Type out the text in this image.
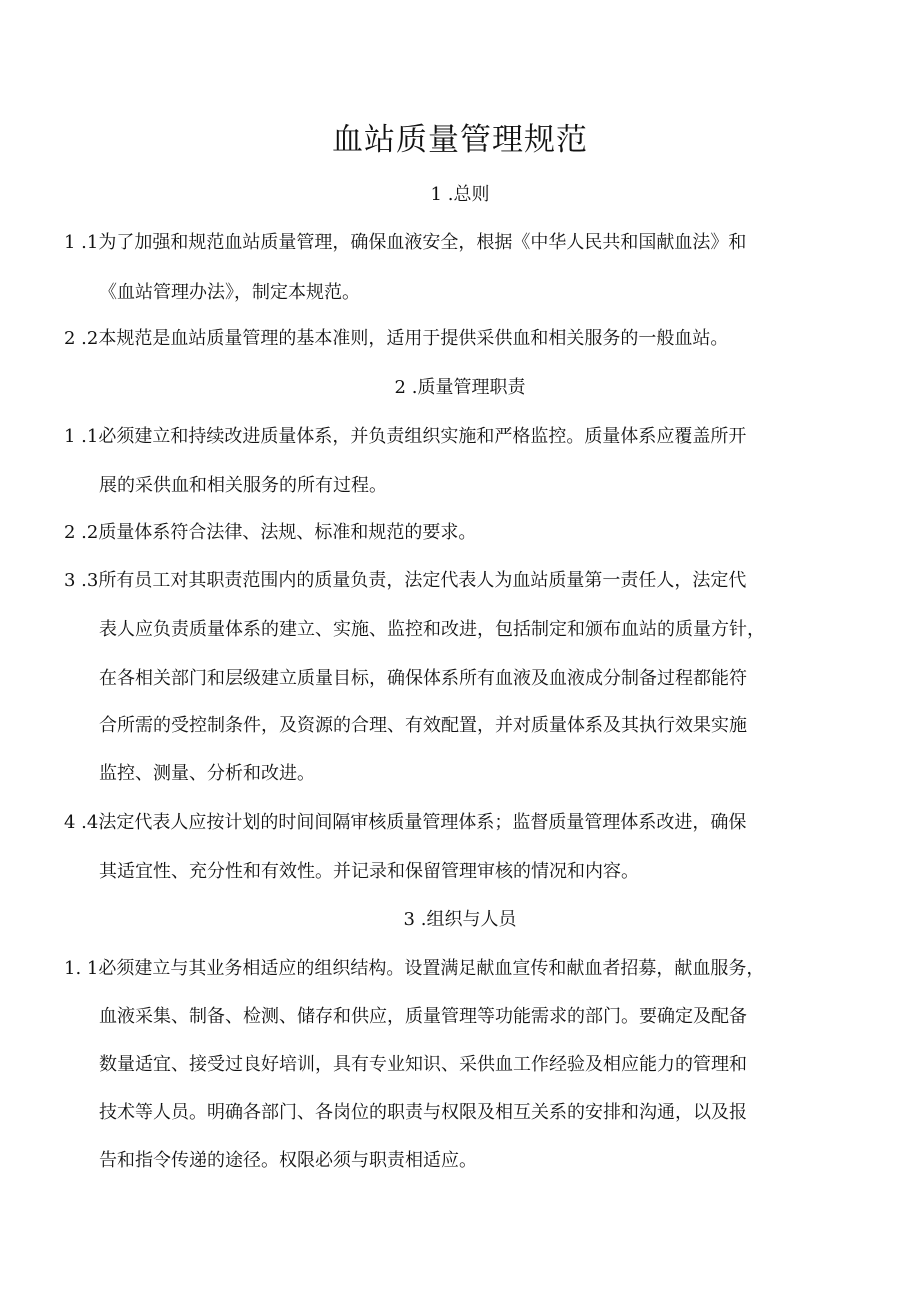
血站质量管理规范
1 .总则
1 .1为了加强和规范血站质量管理，确保血液安全，根据《中华人民共和国献血法》和
《血站管理办法》，制定本规范。
2 .2本规范是血站质量管理的基本准则，适用于提供采供血和相关服务的一般血站。
2 .质量管理职责
1 .1必须建立和持续改进质量体系，并负责组织实施和严格监控。质量体系应覆盖所开
展的采供血和相关服务的所有过程。
2 .2质量体系符合法律、法规、标准和规范的要求。
3 .3所有员工对其职责范围内的质量负责，法定代表人为血站质量第一责任人，法定代
表人应负责质量体系的建立、实施、监控和改进，包括制定和颁布血站的质量方针，
在各相关部门和层级建立质量目标，确保体系所有血液及血液成分制备过程都能符
合所需的受控制条件，及资源的合理、有效配置，并对质量体系及其执行效果实施
监控、测量、分析和改进。
4 .4法定代表人应按计划的时间间隔审核质量管理体系；监督质量管理体系改进，确保
其适宜性、充分性和有效性。并记录和保留管理审核的情况和内容。
3 .组织与人员
1. 1必须建立与其业务相适应的组织结构。设置满足献血宣传和献血者招募，献血服务，
血液采集、制备、检测、储存和供应，质量管理等功能需求的部门。要确定及配备
数量适宜、接受过良好培训，具有专业知识、采供血工作经验及相应能力的管理和
技术等人员。明确各部门、各岗位的职责与权限及相互关系的安排和沟通，以及报
告和指令传递的途径。权限必须与职责相适应。
